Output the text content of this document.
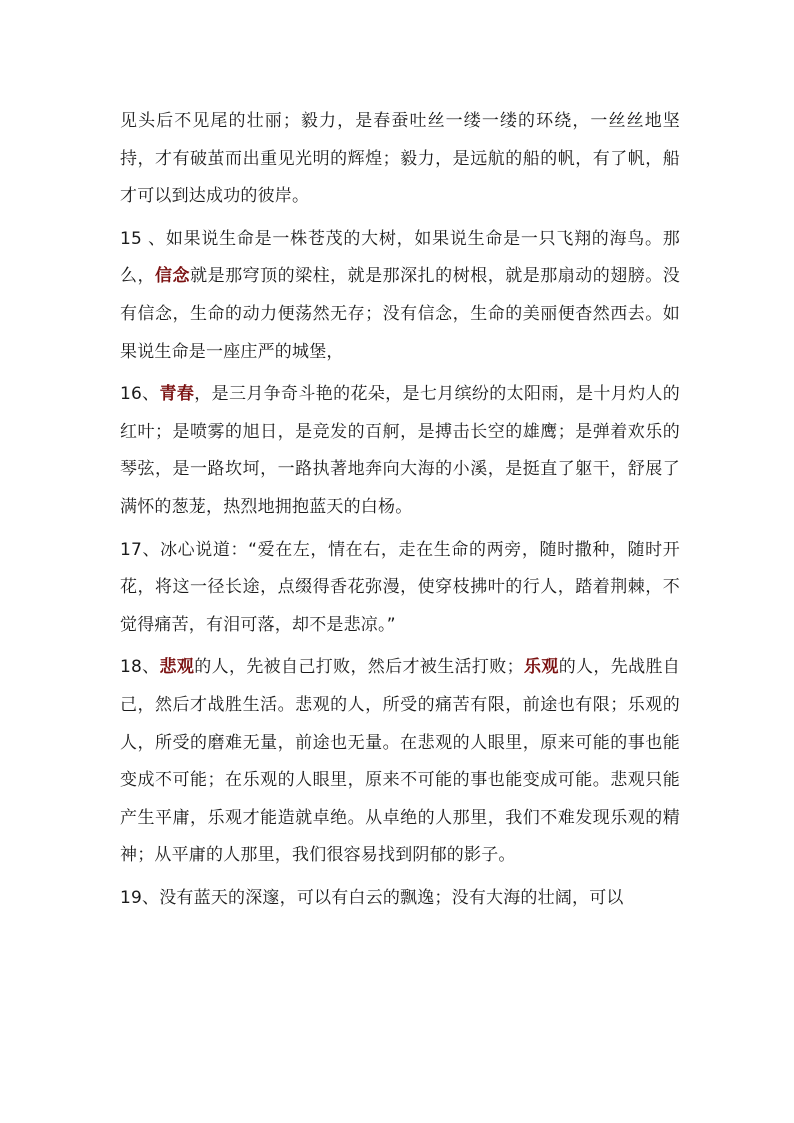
见头后不见尾的壮丽；毅力，是春蚕吐丝一缕一缕的环绕，一丝丝地坚持，才有破茧而出重见光明的辉煌；毅力，是远航的船的帆，有了帆，船才可以到达成功的彼岸。

15 、如果说生命是一株苍茂的大树，如果说生命是一只飞翔的海鸟。那么，信念就是那穹顶的梁柱，就是那深扎的树根，就是那扇动的翅膀。没有信念，生命的动力便荡然无存；没有信念，生命的美丽便杳然西去。如果说生命是一座庄严的城堡，

16、青春，是三月争奇斗艳的花朵，是七月缤纷的太阳雨，是十月灼人的红叶；是喷雾的旭日，是竞发的百舸，是搏击长空的雄鹰；是弹着欢乐的琴弦，是一路坎坷，一路执著地奔向大海的小溪，是挺直了躯干，舒展了满怀的葱茏，热烈地拥抱蓝天的白杨。

17、冰心说道：“爱在左，情在右，走在生命的两旁，随时撒种，随时开花，将这一径长途，点缀得香花弥漫，使穿枝拂叶的行人，踏着荆棘，不觉得痛苦，有泪可落，却不是悲凉。”

18、悲观的人，先被自己打败，然后才被生活打败；乐观的人，先战胜自己，然后才战胜生活。悲观的人，所受的痛苦有限，前途也有限；乐观的人，所受的磨难无量，前途也无量。在悲观的人眼里，原来可能的事也能变成不可能；在乐观的人眼里，原来不可能的事也能变成可能。悲观只能产生平庸，乐观才能造就卓绝。从卓绝的人那里，我们不难发现乐观的精神；从平庸的人那里，我们很容易找到阴郁的影子。

19、没有蓝天的深邃，可以有白云的飘逸；没有大海的壮阔，可以
